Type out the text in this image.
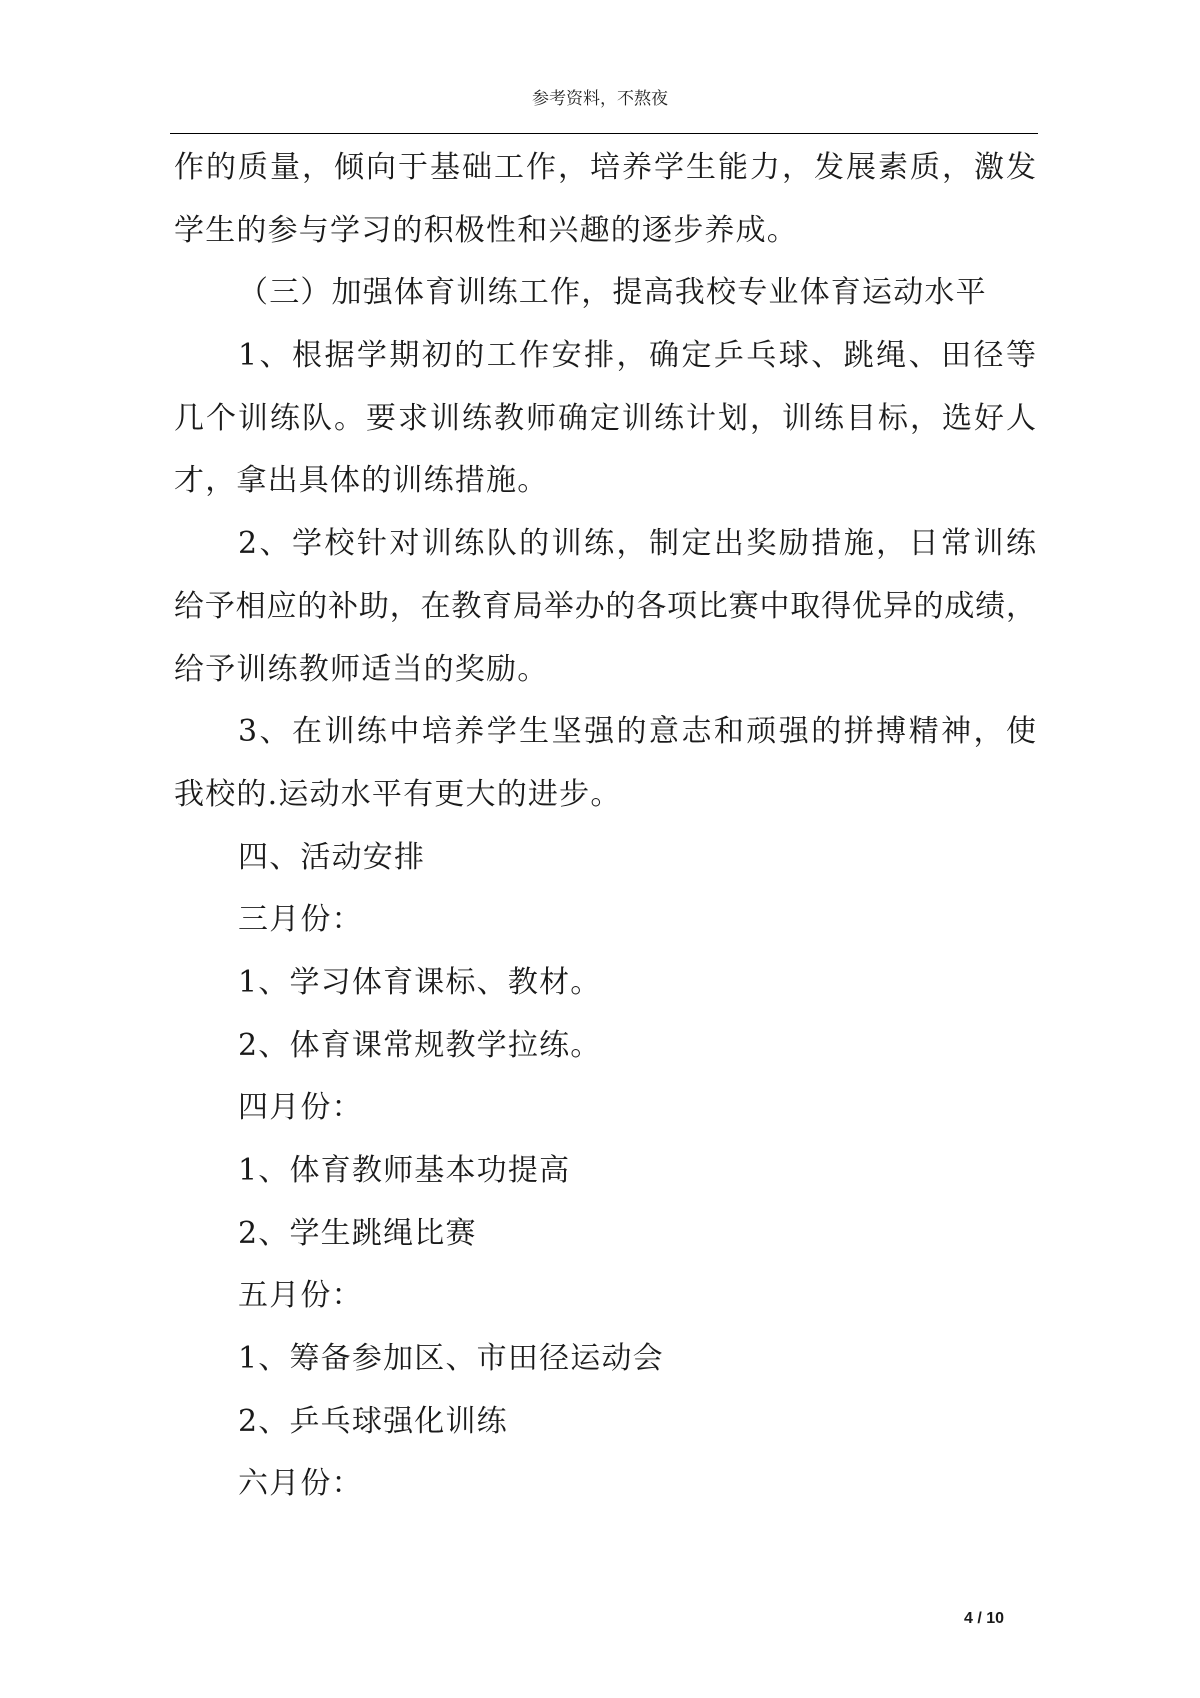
参考资料，不熬夜
作的质量，倾向于基础工作，培养学生能力，发展素质，激发
学生的参与学习的积极性和兴趣的逐步养成。
（三）加强体育训练工作，提高我校专业体育运动水平
1、根据学期初的工作安排，确定乒乓球、跳绳、田径等
几个训练队。要求训练教师确定训练计划，训练目标，选好人
才，拿出具体的训练措施。
2、学校针对训练队的训练，制定出奖励措施，日常训练
给予相应的补助，在教育局举办的各项比赛中取得优异的成绩，
给予训练教师适当的奖励。
3、在训练中培养学生坚强的意志和顽强的拼搏精神，使
我校的.运动水平有更大的进步。
四、活动安排
三月份：
1、学习体育课标、教材。
2、体育课常规教学拉练。
四月份：
1、体育教师基本功提高
2、学生跳绳比赛
五月份：
1、筹备参加区、市田径运动会
2、乒乓球强化训练
六月份：
4 / 10
